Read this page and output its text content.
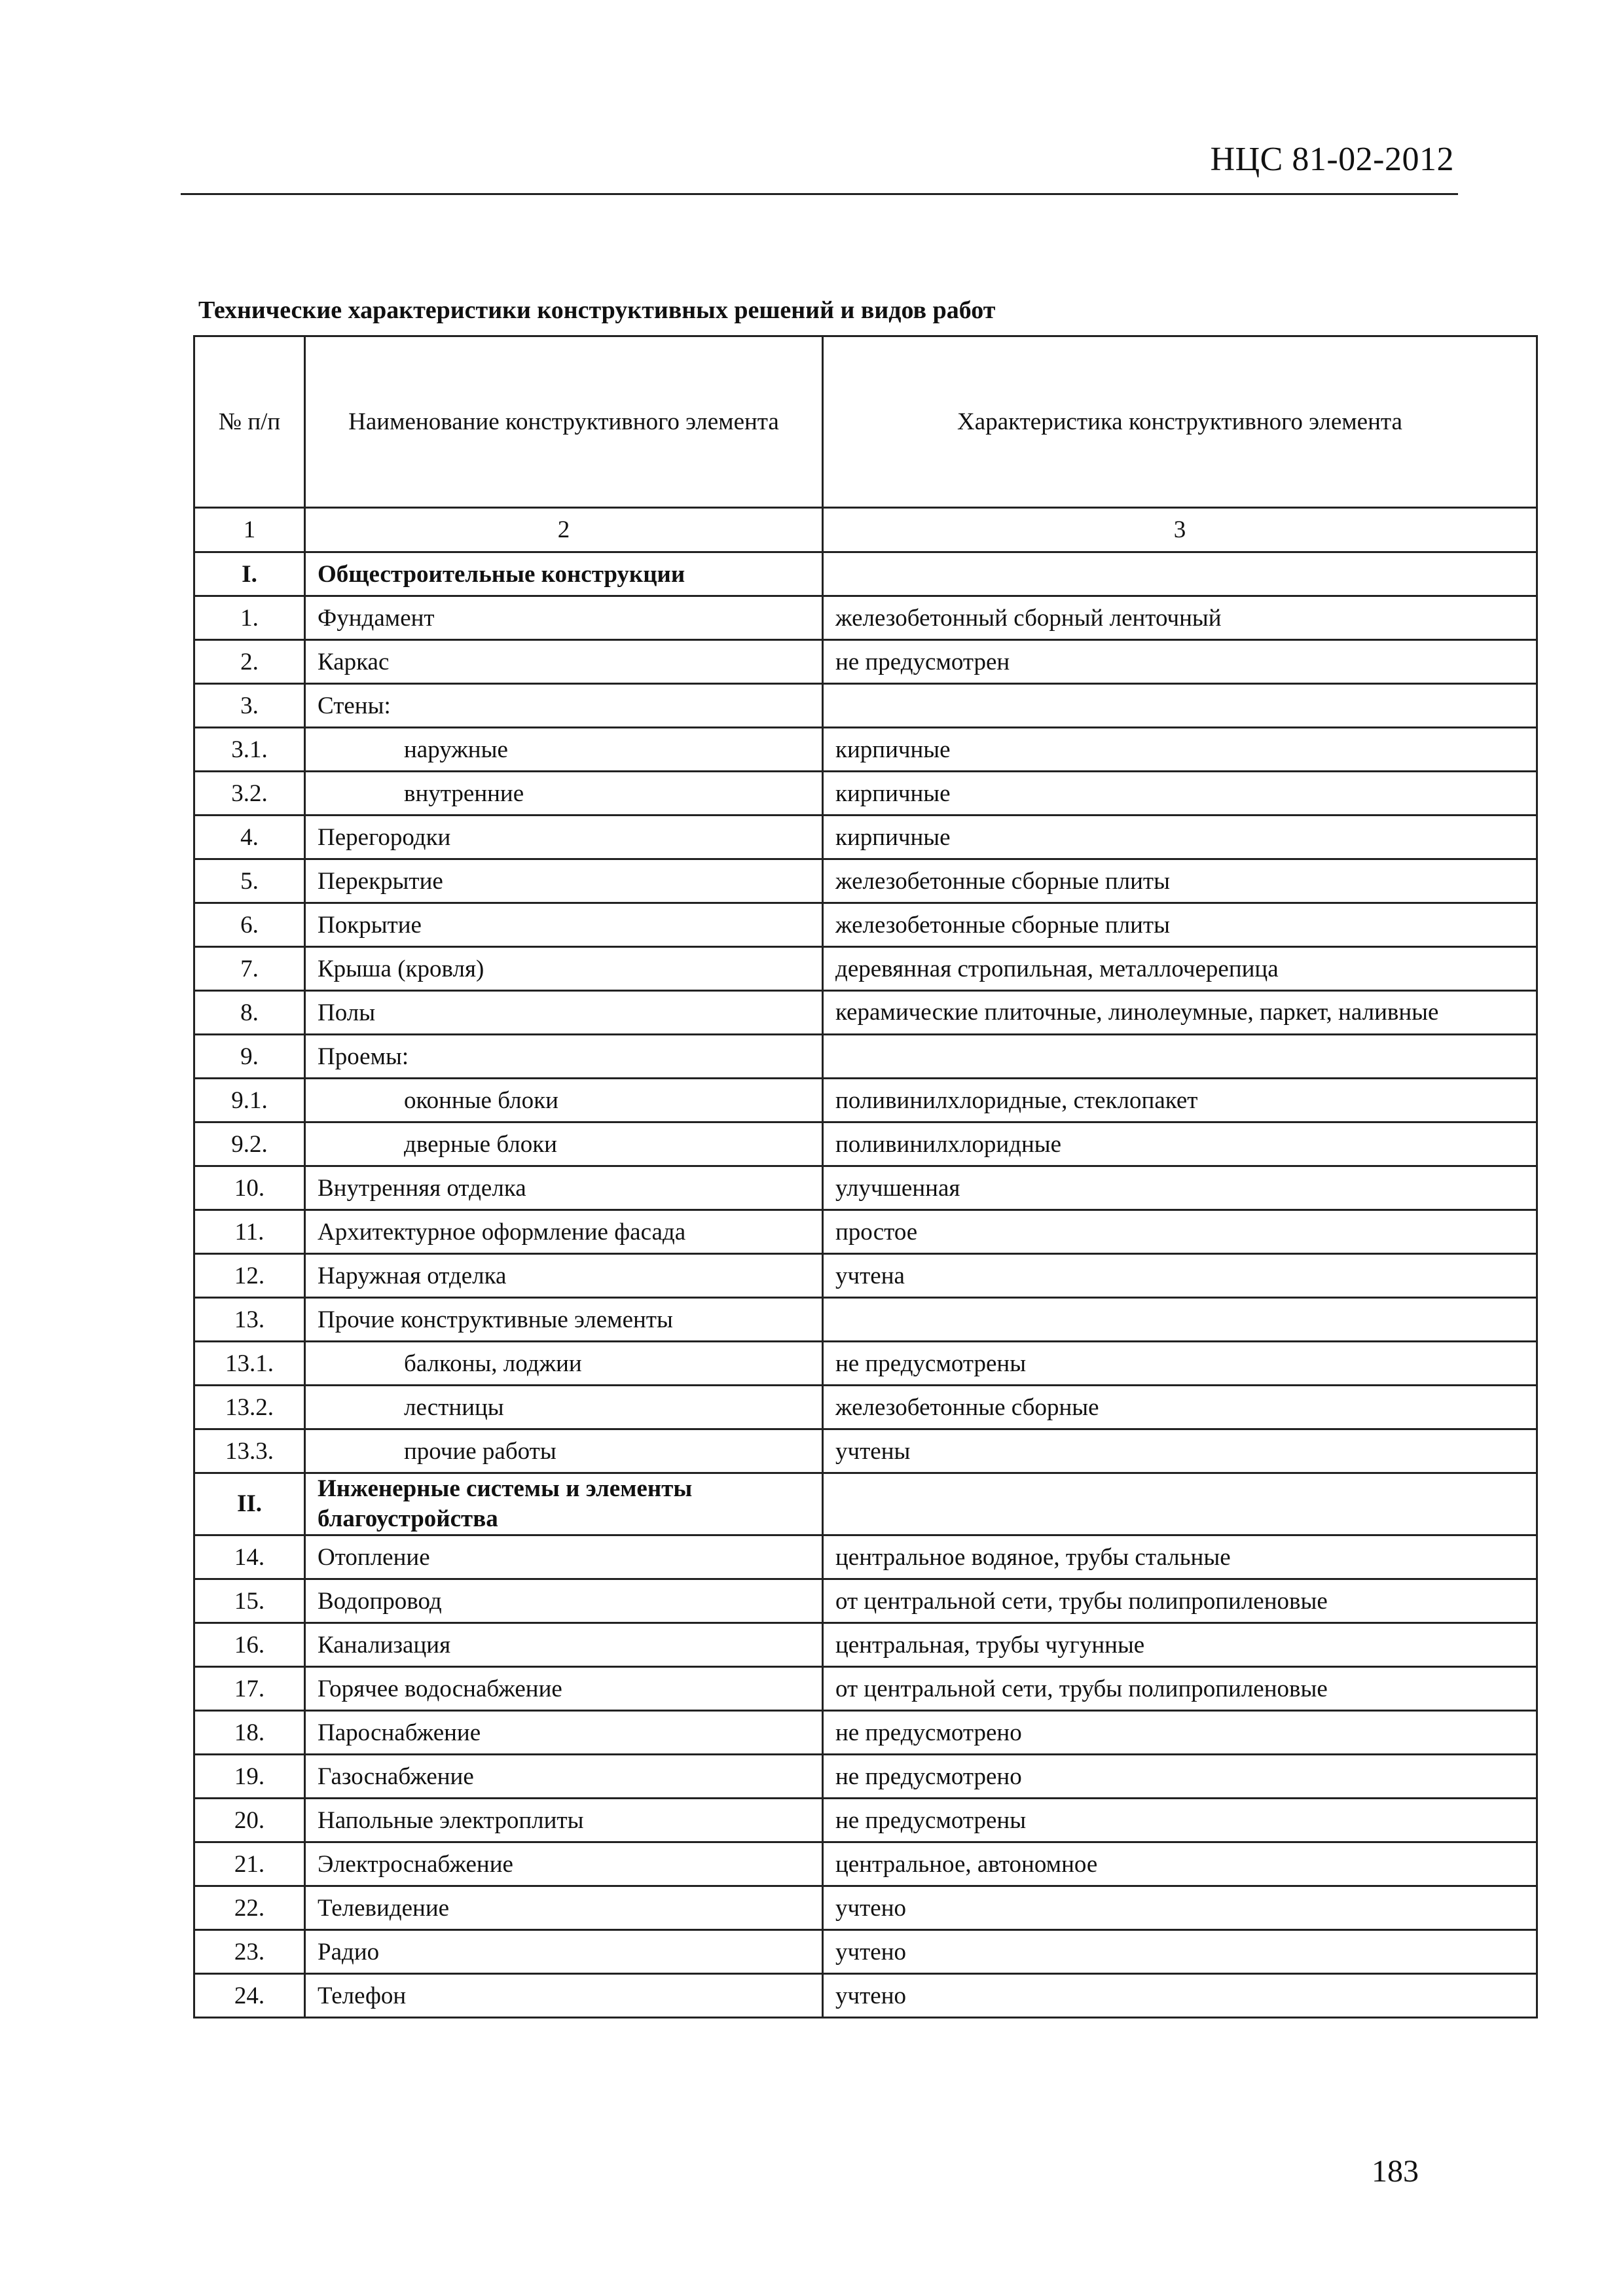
НЦС 81-02-2012
Технические характеристики конструктивных решений и видов работ
№ п/п	Наименование конструктивного элемента	Характеристика конструктивного элемента
1	2	3
I.	Общестроительные конструкции	
1.	Фундамент	железобетонный сборный ленточный
2.	Каркас	не предусмотрен
3.	Стены:	
3.1.	наружные	кирпичные
3.2.	внутренние	кирпичные
4.	Перегородки	кирпичные
5.	Перекрытие	железобетонные сборные плиты
6.	Покрытие	железобетонные сборные плиты
7.	Крыша (кровля)	деревянная стропильная, металлочерепица
8.	Полы	керамические плиточные, линолеумные, паркет, наливные
9.	Проемы:	
9.1.	оконные блоки	поливинилхлоридные, стеклопакет
9.2.	дверные блоки	поливинилхлоридные
10.	Внутренняя отделка	улучшенная
11.	Архитектурное оформление фасада	простое
12.	Наружная отделка	учтена
13.	Прочие конструктивные элементы	
13.1.	балконы, лоджии	не предусмотрены
13.2.	лестницы	железобетонные сборные
13.3.	прочие работы	учтены
II.	Инженерные системы и элементы благоустройства	
14.	Отопление	центральное водяное, трубы стальные
15.	Водопровод	от центральной сети, трубы полипропиленовые
16.	Канализация	центральная, трубы чугунные
17.	Горячее водоснабжение	от центральной сети, трубы полипропиленовые
18.	Пароснабжение	не предусмотрено
19.	Газоснабжение	не предусмотрено
20.	Напольные электроплиты	не предусмотрены
21.	Электроснабжение	центральное, автономное
22.	Телевидение	учтено
23.	Радио	учтено
24.	Телефон	учтено
183
